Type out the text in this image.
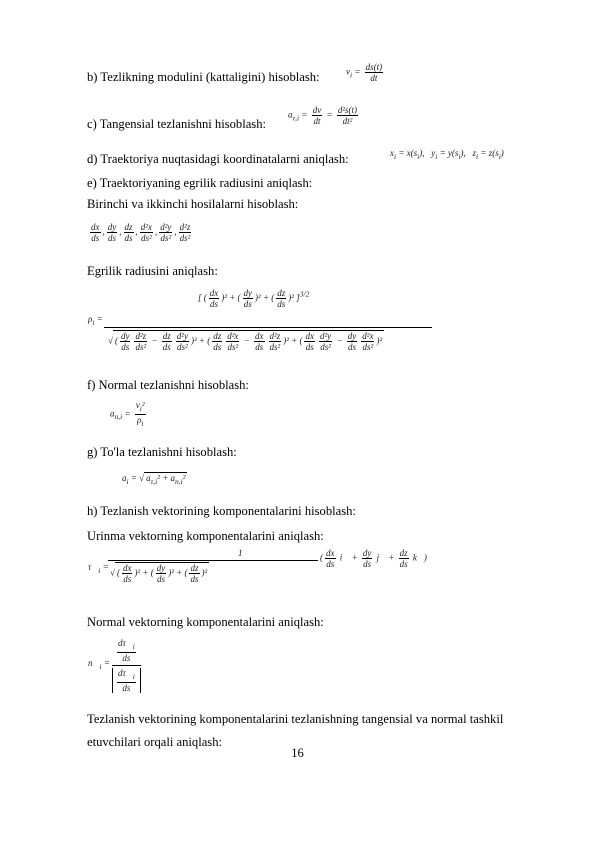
b) Tezlikning modulini (kattaligini) hisoblash:
c) Tangensial tezlanishni hisoblash:
d) Traektoriya nuqtasidagi koordinatalarni aniqlash:
e) Traektoriyaning egrilik radiusini aniqlash:
Birinchi va ikkinchi hosilalarni hisoblash:
Egrilik radiusini aniqlash:
f) Normal tezlanishni hisoblash:
g) To'la tezlanishni hisoblash:
h) Tezlanish vektorining komponentalarini hisoblash:
Urinma vektorning komponentalarini aniqlash:
Normal vektorning komponentalarini aniqlash:
Tezlanish vektorining komponentalarini tezlanishning tangensial va normal tashkil
etuvchilari orqali aniqlash:
$v_i = \frac{ds(t)}{dt}$
$a_{\tau,i} = \frac{dv}{dt} = \frac{\text{d²s(t)}}{\text{dt²}}$
$x_i = x(s_i)$,   $y_i = y(s_i)$,   $z_i = z(s_i)$
$\frac{dx}{ds}$ , $\frac{dy}{ds}$ , $\frac{dz}{ds}$ , $\frac{\text{d²x}}{\text{ds²}}$ , $\frac{\text{d²y}}{\text{ds²}}$ , $\frac{\text{d²z}}{\text{ds²}}$
$\rho_i$ =
[ ( $\frac{dx}{ds} )^2$ + ( $\frac{dy}{ds} )^2$ + ( $\frac{dz}{ds} )^2$ ]$^{3/2}$
√ ( $\frac{dy}{ds} \frac{\text{d²z}}{\text{ds²}} - \frac{dz}{ds} \frac{\text{d²y}}{\text{ds²}} )^2$ + ( $\frac{dz}{ds} \frac{\text{d²x}}{\text{ds²}} - \frac{dx}{ds} \frac{\text{d²z}}{\text{ds²}} )^2$ + ( $\frac{dx}{ds} \frac{\text{d²y}}{\text{ds²}} - \frac{dy}{ds} \frac{\text{d²x}}{\text{ds²}} )^2$
$a_{n,i} = \frac{v_i^2}{\rho_i}$
$a_i$ = √ $a_{\tau,i}^2 + a_{n,i}^2$
$\tau⃗_i$ =
1
√ ( $\frac{dx}{ds} )^2$ + ( $\frac{dy}{ds} )^2$ + ( $\frac{dz}{ds} )^2$
( $\frac{dx}{ds}$ i⃗ + $\frac{dy}{ds}$ j⃗ + $\frac{dz}{ds}$ k⃗)
$n⃗_i$ =
$\frac{d\tau⃗_i}{ds}$
$\frac{d\tau⃗_i}{ds}$
16
